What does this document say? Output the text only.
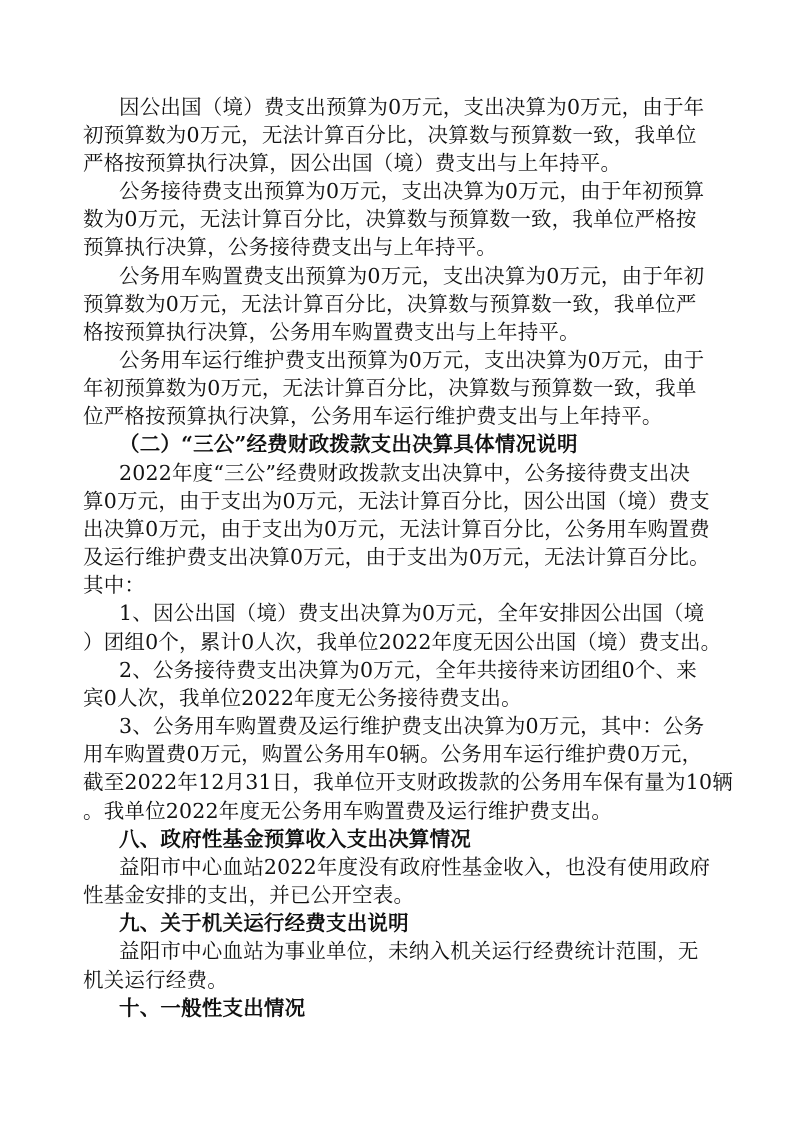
因公出国（境）费支出预算为0万元，支出决算为0万元，由于年
初预算数为0万元，无法计算百分比，决算数与预算数一致，我单位
严格按预算执行决算，因公出国（境）费支出与上年持平。
公务接待费支出预算为0万元，支出决算为0万元，由于年初预算
数为0万元，无法计算百分比，决算数与预算数一致，我单位严格按
预算执行决算，公务接待费支出与上年持平。
公务用车购置费支出预算为0万元，支出决算为0万元，由于年初
预算数为0万元，无法计算百分比，决算数与预算数一致，我单位严
格按预算执行决算，公务用车购置费支出与上年持平。
公务用车运行维护费支出预算为0万元，支出决算为0万元，由于
年初预算数为0万元，无法计算百分比，决算数与预算数一致，我单
位严格按预算执行决算，公务用车运行维护费支出与上年持平。
（二）“三公”经费财政拨款支出决算具体情况说明
2022年度“三公”经费财政拨款支出决算中，公务接待费支出决
算0万元，由于支出为0万元，无法计算百分比，因公出国（境）费支
出决算0万元，由于支出为0万元，无法计算百分比，公务用车购置费
及运行维护费支出决算0万元，由于支出为0万元，无法计算百分比。
其中：
1、因公出国（境）费支出决算为0万元，全年安排因公出国（境
）团组0个，累计0人次，我单位2022年度无因公出国（境）费支出。
2、公务接待费支出决算为0万元，全年共接待来访团组0个、来
宾0人次，我单位2022年度无公务接待费支出。
3、公务用车购置费及运行维护费支出决算为0万元，其中：公务
用车购置费0万元，购置公务用车0辆。公务用车运行维护费0万元，
截至2022年12月31日，我单位开支财政拨款的公务用车保有量为10辆
。我单位2022年度无公务用车购置费及运行维护费支出。
八、政府性基金预算收入支出决算情况
益阳市中心血站2022年度没有政府性基金收入，也没有使用政府
性基金安排的支出，并已公开空表。
九、关于机关运行经费支出说明
益阳市中心血站为事业单位，未纳入机关运行经费统计范围，无
机关运行经费。
十、一般性支出情况
